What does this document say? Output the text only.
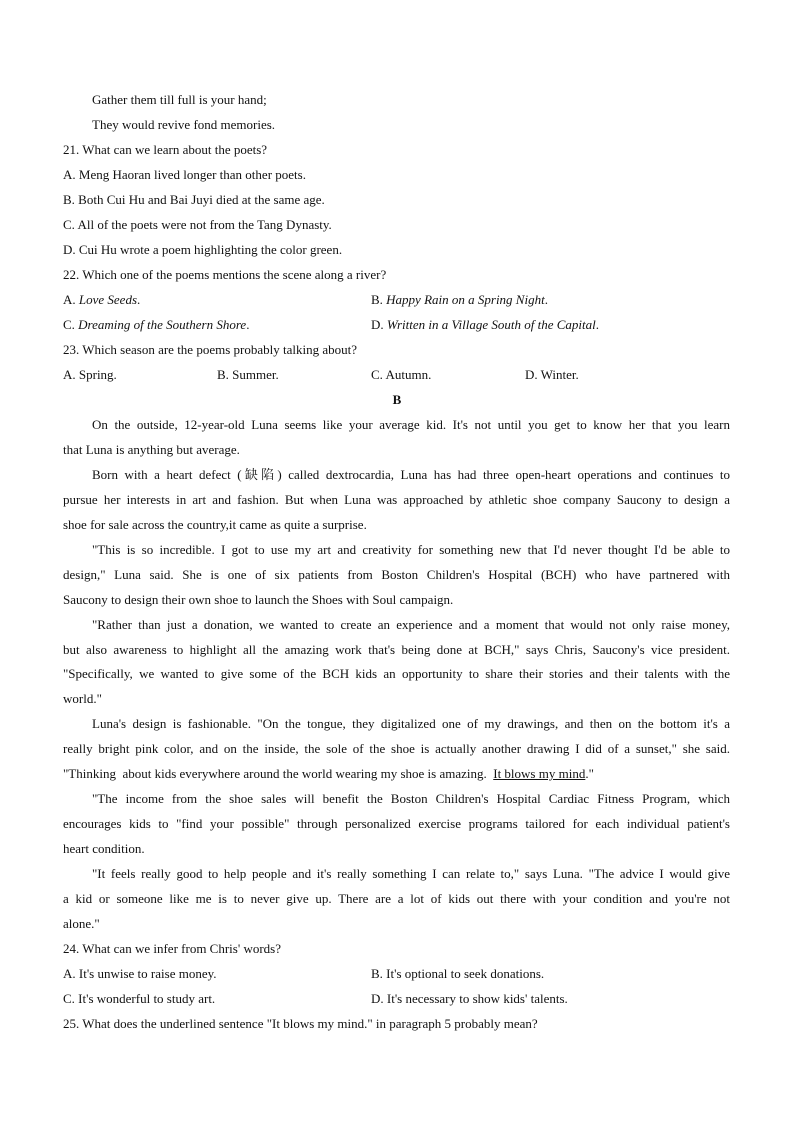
Gather them till full is your hand;
They would revive fond memories.
21. What can we learn about the poets?
A. Meng Haoran lived longer than other poets.
B. Both Cui Hu and Bai Juyi died at the same age.
C. All of the poets were not from the Tang Dynasty.
D. Cui Hu wrote a poem highlighting the color green.
22. Which one of the poems mentions the scene along a river?
A. Love Seeds.	B. Happy Rain on a Spring Night.
C. Dreaming of the Southern Shore.	D. Written in a Village South of the Capital.
23. Which season are the poems probably talking about?
A. Spring.	B. Summer.	C. Autumn.	D. Winter.
B
On the outside, 12-year-old Luna seems like your average kid. It's not until you get to know her that you learn
that Luna is anything but average.
Born with a heart defect (缺陷) called dextrocardia, Luna has had three open-heart operations and continues to
pursue her interests in art and fashion. But when Luna was approached by athletic shoe company Saucony to design a
shoe for sale across the country,it came as quite a surprise.
"This is so incredible. I got to use my art and creativity for something new that I'd never thought I'd be able to
design," Luna said. She is one of six patients from Boston Children's Hospital (BCH) who have partnered with
Saucony to design their own shoe to launch the Shoes with Soul campaign.
"Rather than just a donation, we wanted to create an experience and a moment that would not only raise money,
but also awareness to highlight all the amazing work that's being done at BCH," says Chris, Saucony's vice president.
"Specifically, we wanted to give some of the BCH kids an opportunity to share their stories and their talents with the
world."
Luna's design is fashionable. "On the tongue, they digitalized one of my drawings, and then on the bottom it's a
really bright pink color, and on the inside, the sole of the shoe is actually another drawing I did of a sunset," she said.
"Thinking  about kids everywhere around the world wearing my shoe is amazing.  It blows my mind."
"The income from the shoe sales will benefit the Boston Children's Hospital Cardiac Fitness Program, which
encourages kids to "find your possible" through personalized exercise programs tailored for each individual patient's
heart condition.
"It feels really good to help people and it's really something I can relate to," says Luna. "The advice I would give
a kid or someone like me is to never give up. There are a lot of kids out there with your condition and you're not
alone."
24. What can we infer from Chris' words?
A. It's unwise to raise money.	B. It's optional to seek donations.
C. It's wonderful to study art.	D. It's necessary to show kids' talents.
25. What does the underlined sentence "It blows my mind." in paragraph 5 probably mean?
